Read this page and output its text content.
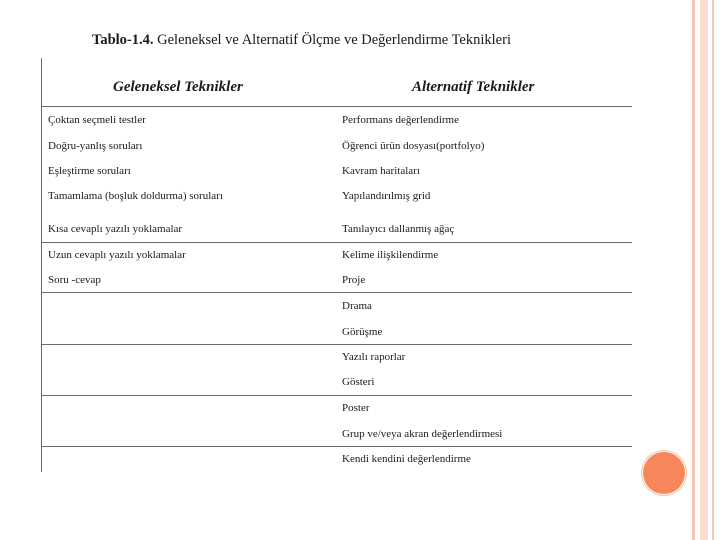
Tablo-1.4. Geleneksel ve Alternatif Ölçme ve Değerlendirme Teknikleri
Geleneksel Teknikler	Alternatif Teknikler
Çoktan seçmeli testler
Doğru-yanlış soruları
Eşleştirme soruları
Tamamlama (boşluk doldurma) soruları
Kısa cevaplı yazılı yoklamalar
Uzun cevaplı yazılı yoklamalar
Soru -cevap
Performans değerlendirme
Öğrenci ürün dosyası(portfolyo)
Kavram haritaları
Yapılandırılmış grid
Tanılayıcı dallanmış ağaç
Kelime ilişkilendirme
Proje
Drama
Görüşme
Yazılı raporlar
Gösteri
Poster
Grup ve/veya akran değerlendirmesi
Kendi kendini değerlendirme
